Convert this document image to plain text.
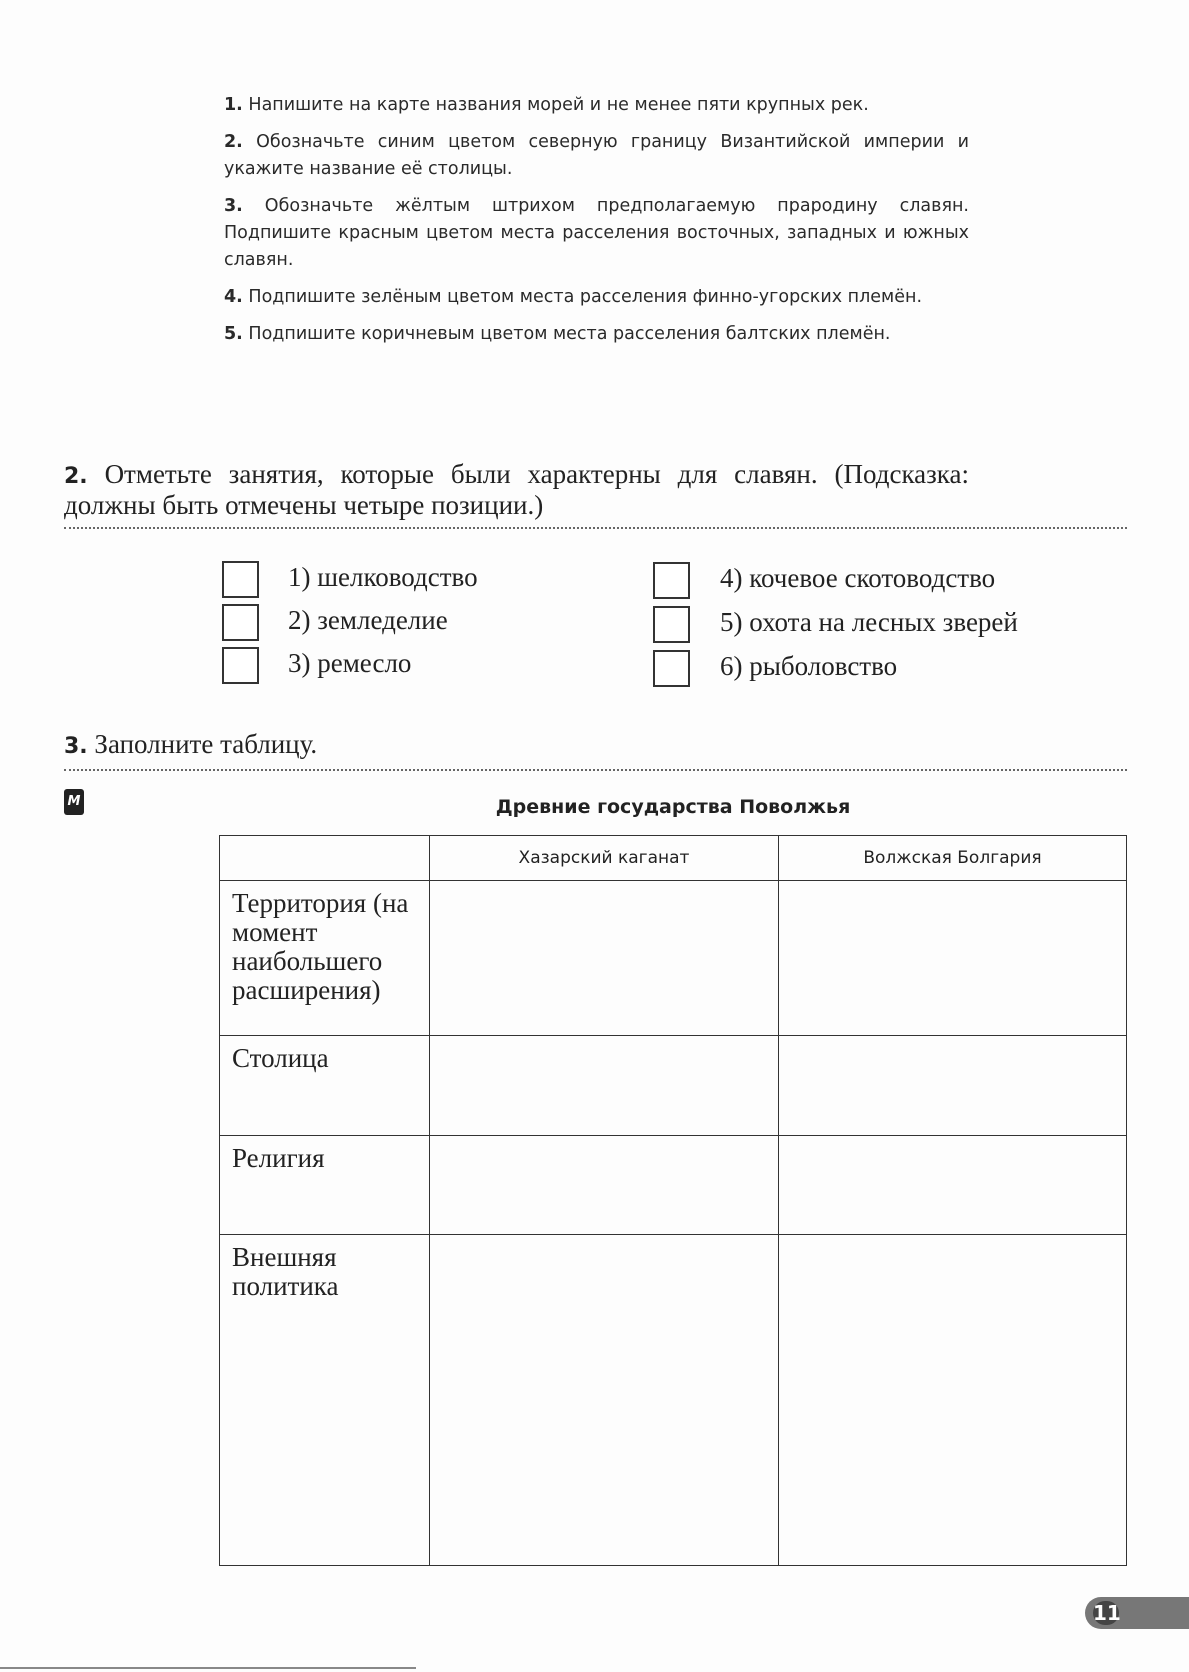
1. Напишите на карте названия морей и не менее пяти крупных рек.

2. Обозначьте синим цветом северную границу Византийской империи и укажите название её столицы.

3. Обозначьте жёлтым штрихом предполагаемую прародину славян. Подпишите красным цветом места расселения восточных, западных и южных славян.

4. Подпишите зелёным цветом места расселения финно-угорских племён.

5. Подпишите коричневым цветом места расселения балтских племён.

2. Отметьте занятия, которые были характерны для славян. (Подсказка: должны быть отмечены четыре позиции.)
1) шелководство
2) земледелие
3) ремесло
4) кочевое скотоводство
5) охота на лесных зверей
6) рыболовство
3. Заполните таблицу.
М	Древние государства Поволжья
	Хазарский каганат	Волжская Болгария
Территория (на момент наибольшего расширения)		
Столица		
Религия		
Внешняя политика		
11
